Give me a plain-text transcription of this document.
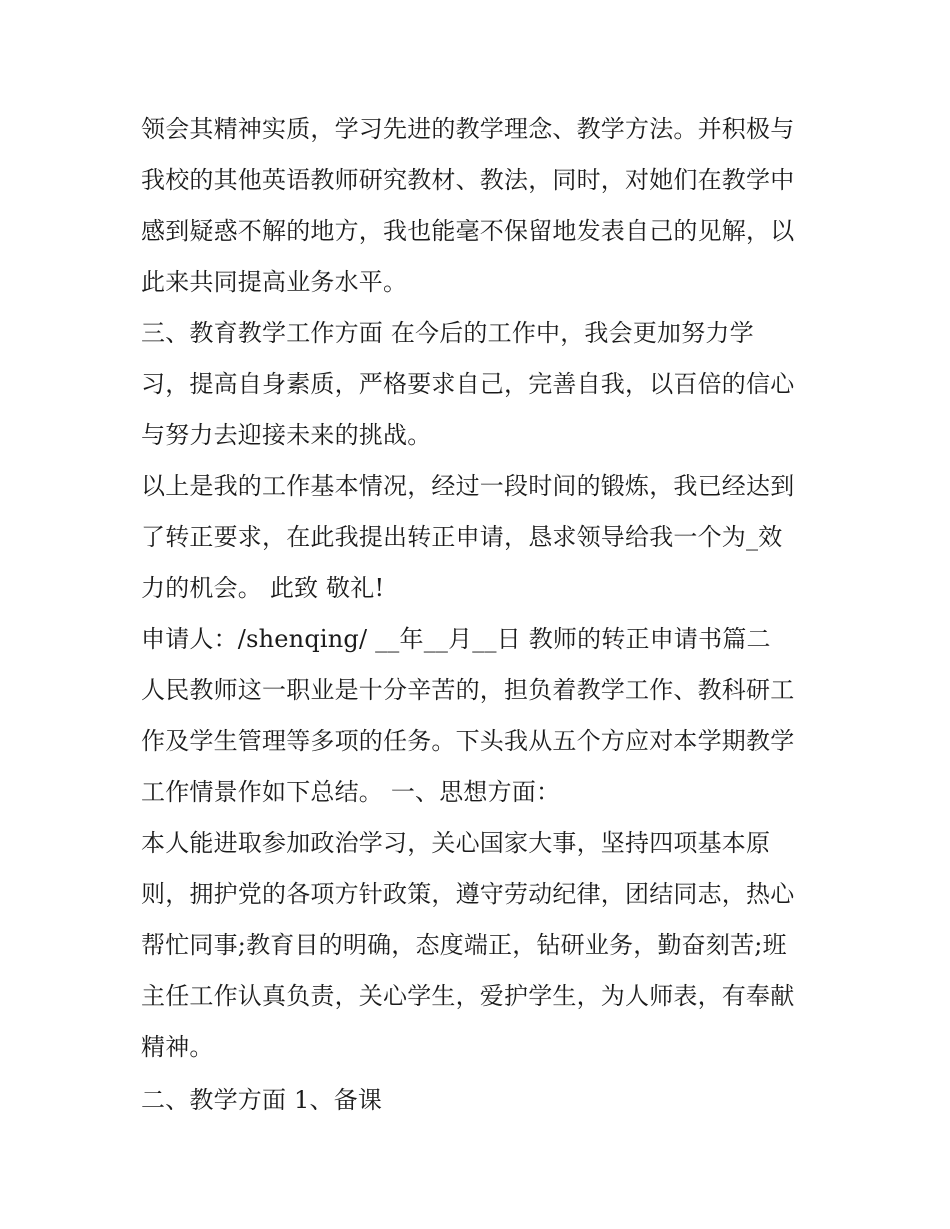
领会其精神实质，学习先进的教学理念、教学方法。并积极与
我校的其他英语教师研究教材、教法，同时，对她们在教学中
感到疑惑不解的地方，我也能毫不保留地发表自己的见解，以
此来共同提高业务水平。
三、教育教学工作方面 在今后的工作中，我会更加努力学
习，提高自身素质，严格要求自己，完善自我，以百倍的信心
与努力去迎接未来的挑战。
以上是我的工作基本情况，经过一段时间的锻炼，我已经达到
了转正要求，在此我提出转正申请，恳求领导给我一个为_效
力的机会。 此致 敬礼!
申请人：/shenqing/ __年__月__日 教师的转正申请书篇二
人民教师这一职业是十分辛苦的，担负着教学工作、教科研工
作及学生管理等多项的任务。下头我从五个方应对本学期教学
工作情景作如下总结。 一、思想方面：
本人能进取参加政治学习，关心国家大事，坚持四项基本原
则，拥护党的各项方针政策，遵守劳动纪律，团结同志，热心
帮忙同事;教育目的明确，态度端正，钻研业务，勤奋刻苦;班
主任工作认真负责，关心学生，爱护学生，为人师表，有奉献
精神。
二、教学方面 1、备课
